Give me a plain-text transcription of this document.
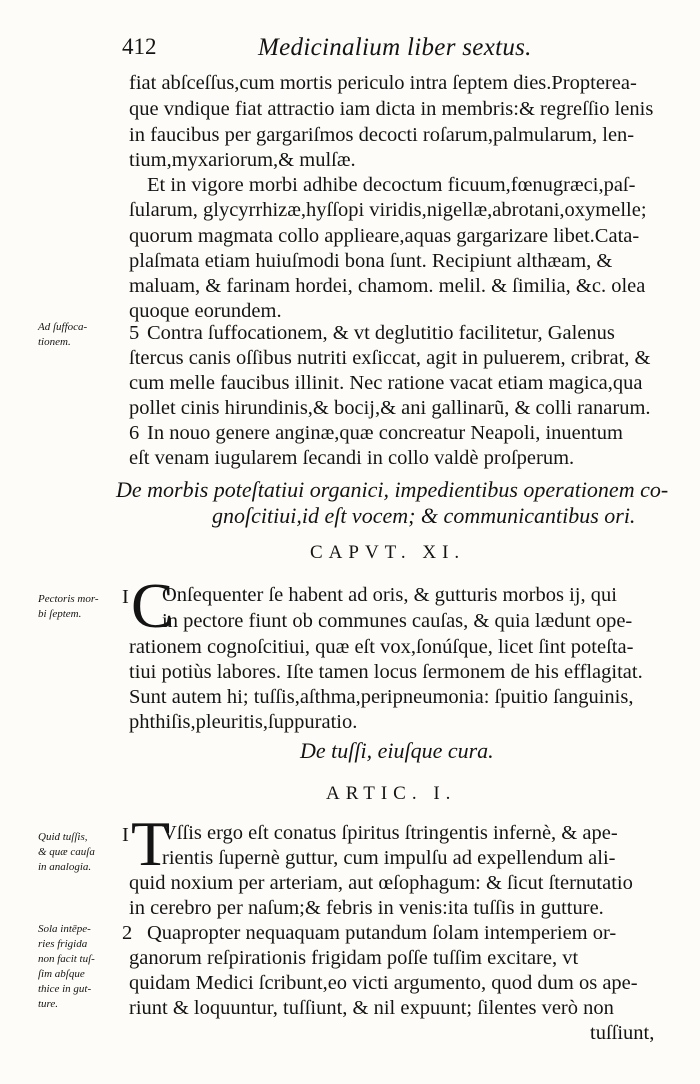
412	Medicinalium liber sextus.
fiat abſceſſus,cum mortis periculo intra ſeptem dies.Propterea-
que vndique fiat attractio iam dicta in membris:& regreſſio lenis
in faucibus per gargariſmos decocti roſarum,palmularum, len-
tium,myxariorum,& mulſæ.
Et in vigore morbi adhibe decoctum ficuum,fœnugræci,paſ-
ſularum, glycyrrhizæ,hyſſopi viridis,nigellæ,abrotani,oxymelle;
quorum magmata collo applieare,aquas gargarizare libet.Cata-
plaſmata etiam huiuſmodi bona ſunt. Recipiunt althæam, &
maluam, & farinam hordei, chamom. melil. & ſimilia, &c. olea
quoque eorundem.
Ad ſuffoca-
tionem.	5 Contra ſuffocationem, & vt deglutitio facilitetur, Galenus
ſtercus canis oſſibus nutriti exſiccat, agit in puluerem, cribrat, &
cum melle faucibus illinit. Nec ratione vacat etiam magica,qua
pollet cinis hirundinis,& bocij,& ani gallinarũ, & colli ranarum.
6 In nouo genere anginæ,quæ concreatur Neapoli, inuentum
eſt venam iugularem ſecandi in collo valdè proſperum.
De morbis poteſtatiui organici, impedientibus operationem co-
gnoſcitiui,id eſt vocem; & communicantibus ori.
CAPVT. XI.
Pectoris mor-
bi ſeptem.
I C
Onſequenter ſe habent ad oris, & gutturis morbos ij, qui
in pectore fiunt ob communes cauſas, & quia lædunt ope-
rationem cognoſcitiui, quæ eſt vox,ſonúſque, licet ſint poteſta-
tiui potiùs labores. Iſte tamen locus ſermonem de his efflagitat.
Sunt autem hi; tuſſis,aſthma,peripneumonia: ſpuitio ſanguinis,
phthiſis,pleuritis,ſuppuratio.
De tuſſi, eiuſque cura.
ARTIC. I.
Quid tuſſis,
& quæ cauſa
in analogia.
I T
Vſſis ergo eſt conatus ſpiritus ſtringentis infernè, & ape-
rientis ſupernè guttur, cum impulſu ad expellendum ali-
quid noxium per arteriam, aut œſophagum: & ſicut ſternutatio
in cerebro per naſum;& febris in venis:ita tuſſis in gutture.
Sola intēpe-
ries frigida
non facit tuſ-
ſim abſque
thice in gut-
ture.
2 Quapropter nequaquam putandum ſolam intemperiem or-
ganorum reſpirationis frigidam poſſe tuſſim excitare, vt
quidam Medici ſcribunt,eo victi argumento, quod dum os ape-
riunt & loquuntur, tuſſiunt, & nil expuunt; ſilentes verò non
tuſſiunt,
